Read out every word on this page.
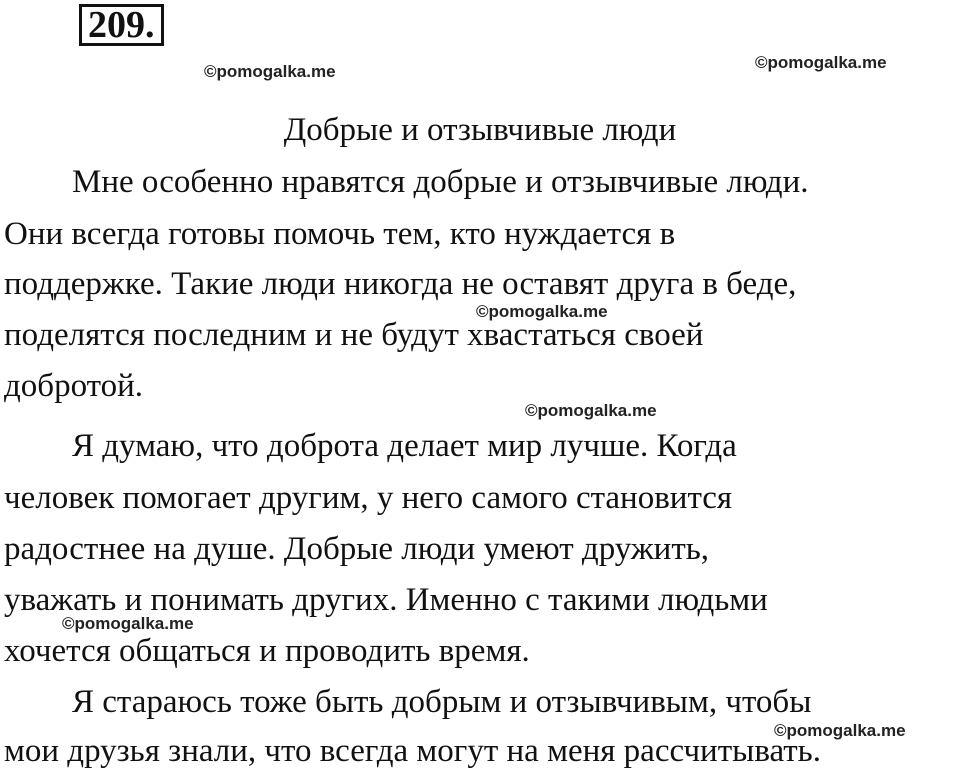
209.
©pomogalka.me	©pomogalka.me
Добрые и отзывчивые люди
Мне особенно нравятся добрые и отзывчивые люди.
Они всегда готовы помочь тем, кто нуждается в
поддержке. Такие люди никогда не оставят друга в беде,
©pomogalka.me
поделятся последним и не будут хвастаться своей
добротой.
©pomogalka.me
Я думаю, что доброта делает мир лучше. Когда
человек помогает другим, у него самого становится
радостнее на душе. Добрые люди умеют дружить,
уважать и понимать других. Именно с такими людьми
©pomogalka.me
хочется общаться и проводить время.
Я стараюсь тоже быть добрым и отзывчивым, чтобы
©pomogalka.me
мои друзья знали, что всегда могут на меня рассчитывать.
